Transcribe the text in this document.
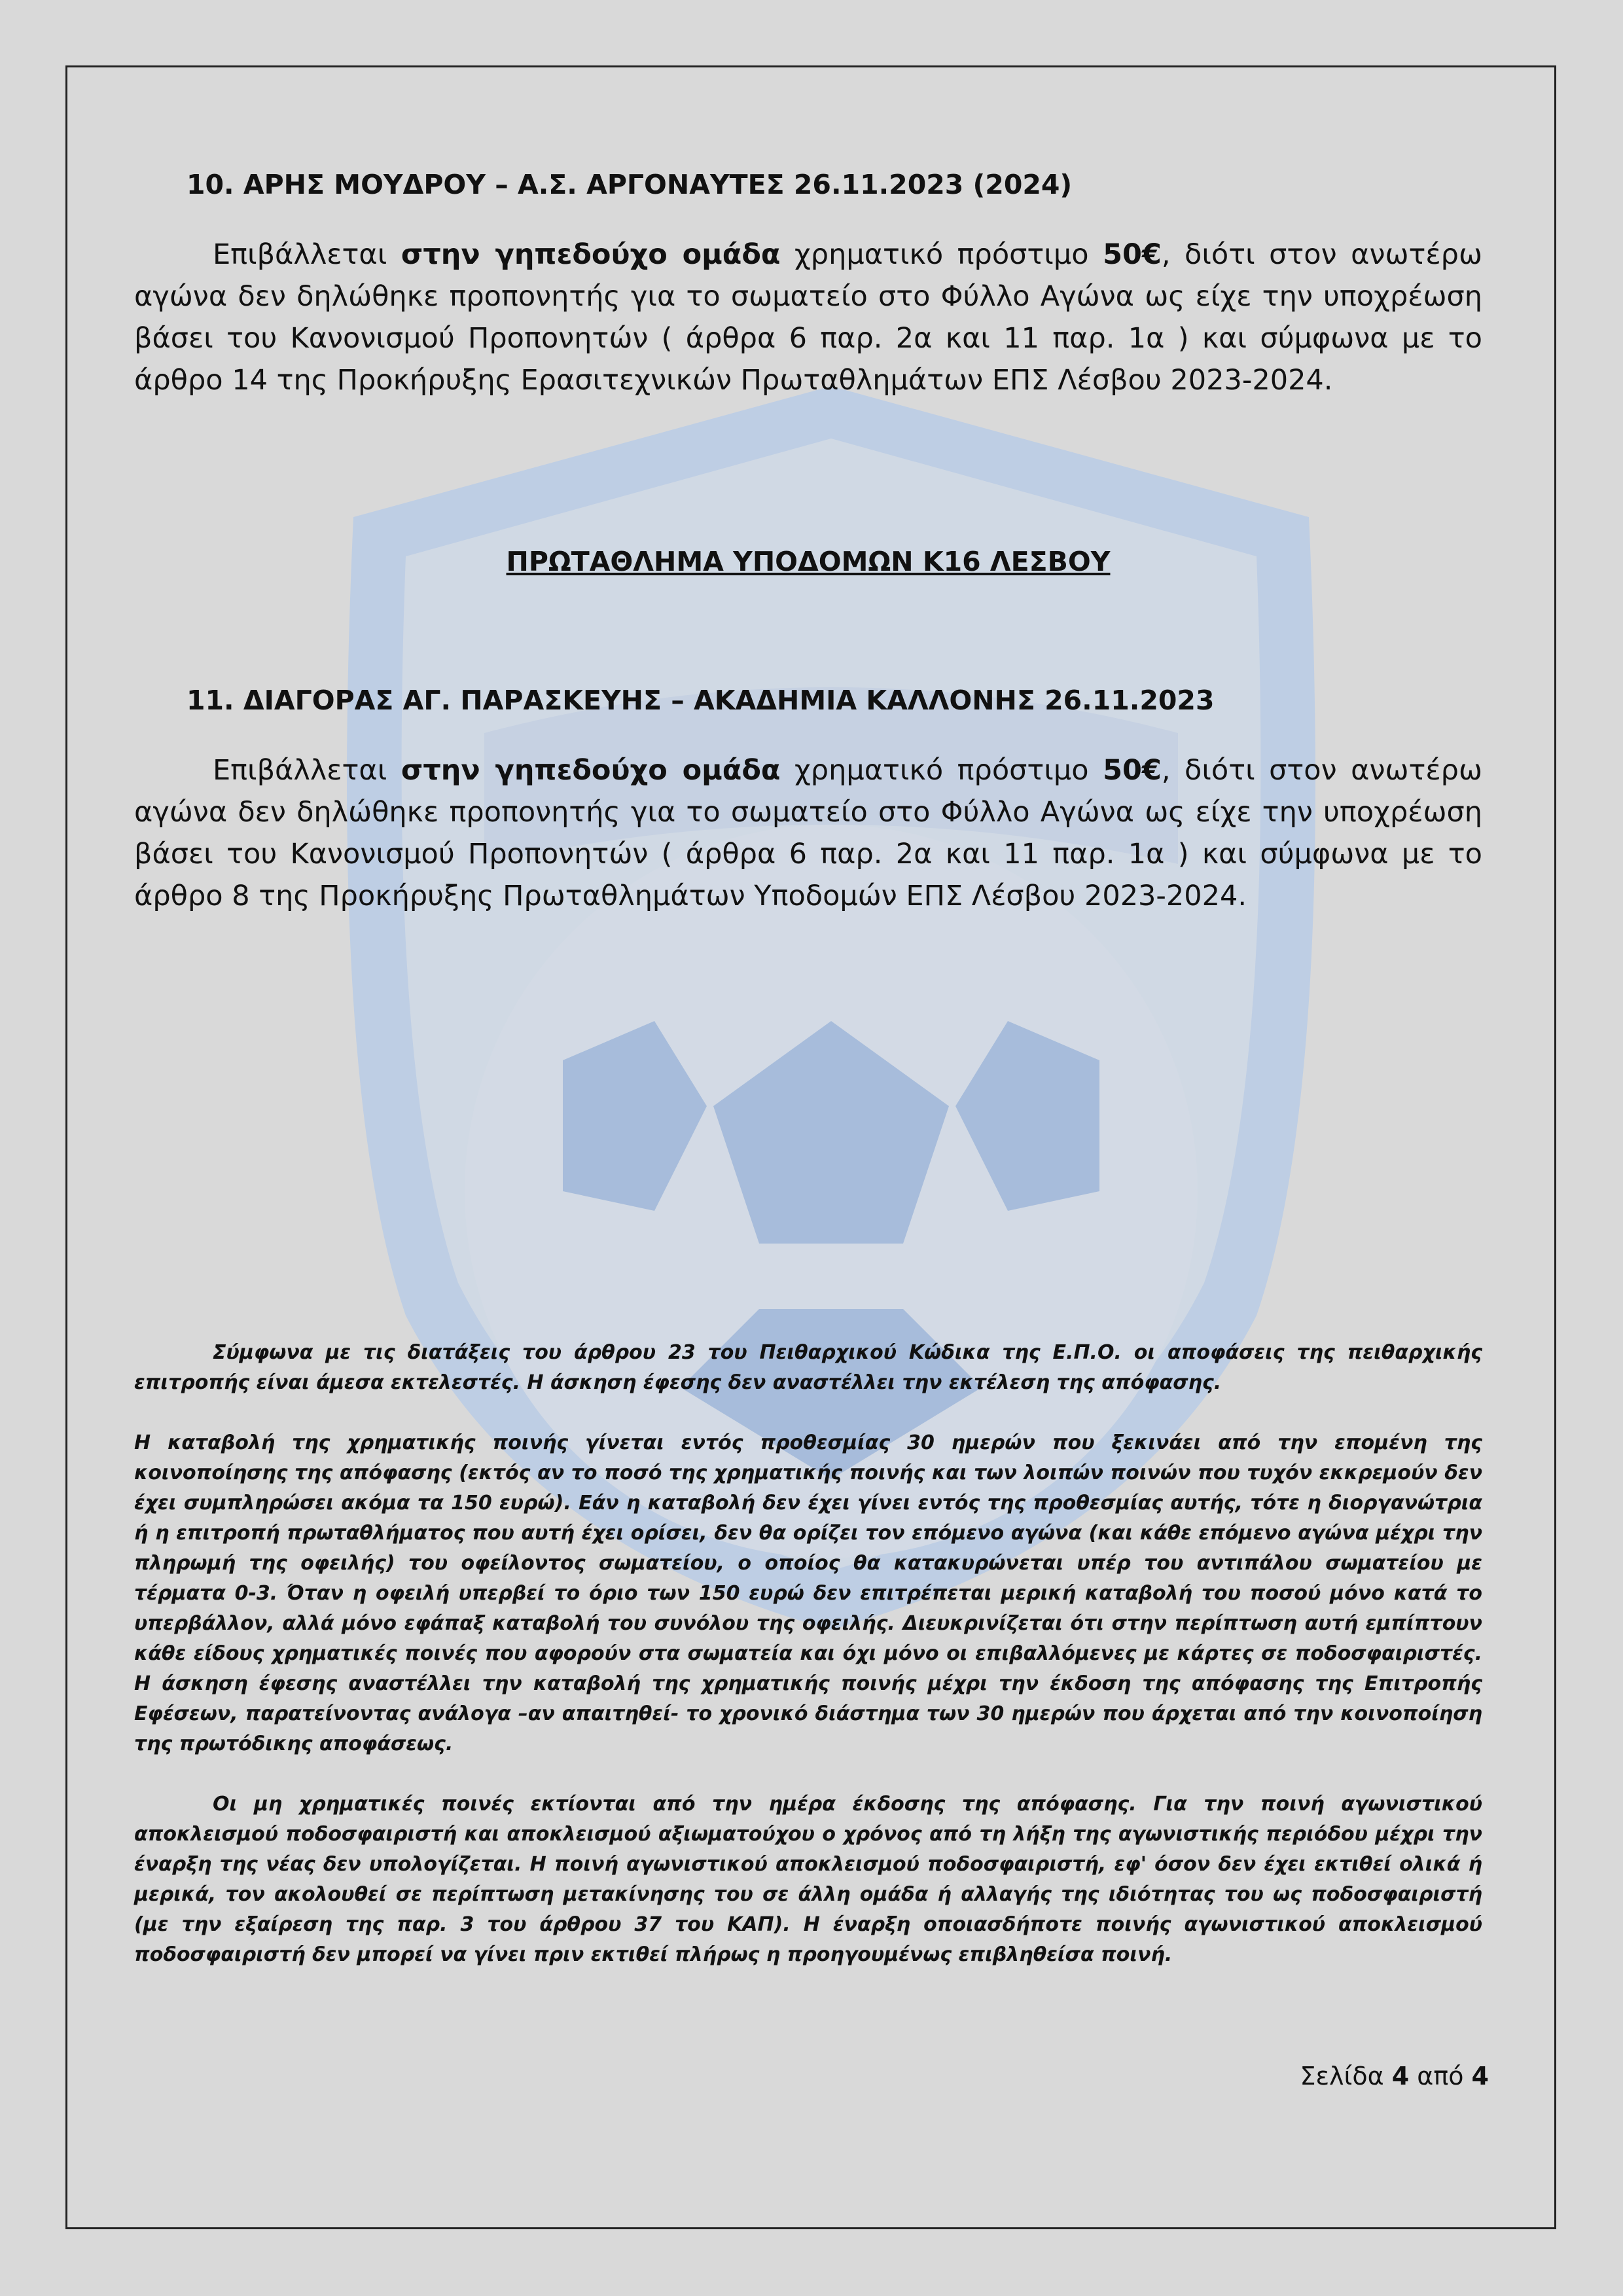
10. ΑΡΗΣ ΜΟΥΔΡΟΥ – Α.Σ. ΑΡΓΟΝΑΥΤΕΣ 26.11.2023 (2024)
Επιβάλλεται στην γηπεδούχο ομάδα χρηματικό πρόστιμο 50€, διότι στον ανωτέρω αγώνα δεν δηλώθηκε προπονητής για το σωματείο στο Φύλλο Αγώνα ως είχε την υποχρέωση βάσει του Κανονισμού Προπονητών ( άρθρα 6 παρ. 2α και 11 παρ. 1α ) και σύμφωνα με το άρθρο 14 της Προκήρυξης Ερασιτεχνικών Πρωταθλημάτων ΕΠΣ Λέσβου 2023-2024.
ΠΡΩΤΑΘΛΗΜΑ ΥΠΟΔΟΜΩΝ Κ16 ΛΕΣΒΟΥ
11. ΔΙΑΓΟΡΑΣ ΑΓ. ΠΑΡΑΣΚΕΥΗΣ – ΑΚΑΔΗΜΙΑ ΚΑΛΛΟΝΗΣ 26.11.2023
Επιβάλλεται στην γηπεδούχο ομάδα χρηματικό πρόστιμο 50€, διότι στον ανωτέρω αγώνα δεν δηλώθηκε προπονητής για το σωματείο στο Φύλλο Αγώνα ως είχε την υποχρέωση βάσει του Κανονισμού Προπονητών ( άρθρα 6 παρ. 2α και 11 παρ. 1α ) και σύμφωνα με το άρθρο 8 της Προκήρυξης Πρωταθλημάτων Υποδομών ΕΠΣ Λέσβου 2023-2024.

Σύμφωνα με τις διατάξεις του άρθρου 23 του Πειθαρχικού Κώδικα της Ε.Π.Ο. οι αποφάσεις της πειθαρχικής επιτροπής είναι άμεσα εκτελεστές. Η άσκηση έφεσης δεν αναστέλλει την εκτέλεση της απόφασης.

Η καταβολή της χρηματικής ποινής γίνεται εντός προθεσμίας 30 ημερών που ξεκινάει από την επομένη της κοινοποίησης της απόφασης (εκτός αν το ποσό της χρηματικής ποινής και των λοιπών ποινών που τυχόν εκκρεμούν δεν έχει συμπληρώσει ακόμα τα 150 ευρώ). Εάν η καταβολή δεν έχει γίνει εντός της προθεσμίας αυτής, τότε η διοργανώτρια ή η επιτροπή πρωταθλήματος που αυτή έχει ορίσει, δεν θα ορίζει τον επόμενο αγώνα (και κάθε επόμενο αγώνα μέχρι την πληρωμή της οφειλής) του οφείλοντος σωματείου, ο οποίος θα κατακυρώνεται υπέρ του αντιπάλου σωματείου με τέρματα 0-3. Όταν η οφειλή υπερβεί το όριο των 150 ευρώ δεν επιτρέπεται μερική καταβολή του ποσού μόνο κατά το υπερβάλλον, αλλά μόνο εφάπαξ καταβολή του συνόλου της οφειλής. Διευκρινίζεται ότι στην περίπτωση αυτή εμπίπτουν κάθε είδους χρηματικές ποινές που αφορούν στα σωματεία και όχι μόνο οι επιβαλλόμενες με κάρτες σε ποδοσφαιριστές. Η άσκηση έφεσης αναστέλλει την καταβολή της χρηματικής ποινής μέχρι την έκδοση της απόφασης της Επιτροπής Εφέσεων, παρατείνοντας ανάλογα –αν απαιτηθεί- το χρονικό διάστημα των 30 ημερών που άρχεται από την κοινοποίηση της πρωτόδικης αποφάσεως.

Οι μη χρηματικές ποινές εκτίονται από την ημέρα έκδοσης της απόφασης. Για την ποινή αγωνιστικού αποκλεισμού ποδοσφαιριστή και αποκλεισμού αξιωματούχου ο χρόνος από τη λήξη της αγωνιστικής περιόδου μέχρι την έναρξη της νέας δεν υπολογίζεται. Η ποινή αγωνιστικού αποκλεισμού ποδοσφαιριστή, εφ' όσον δεν έχει εκτιθεί ολικά ή μερικά, τον ακολουθεί σε περίπτωση μετακίνησης του σε άλλη ομάδα ή αλλαγής της ιδιότητας του ως ποδοσφαιριστή (με την εξαίρεση της παρ. 3 του άρθρου 37 του ΚΑΠ). Η έναρξη οποιασδήποτε ποινής αγωνιστικού αποκλεισμού ποδοσφαιριστή δεν μπορεί να γίνει πριν εκτιθεί πλήρως η προηγουμένως επιβληθείσα ποινή.

Σελίδα 4 από 4
